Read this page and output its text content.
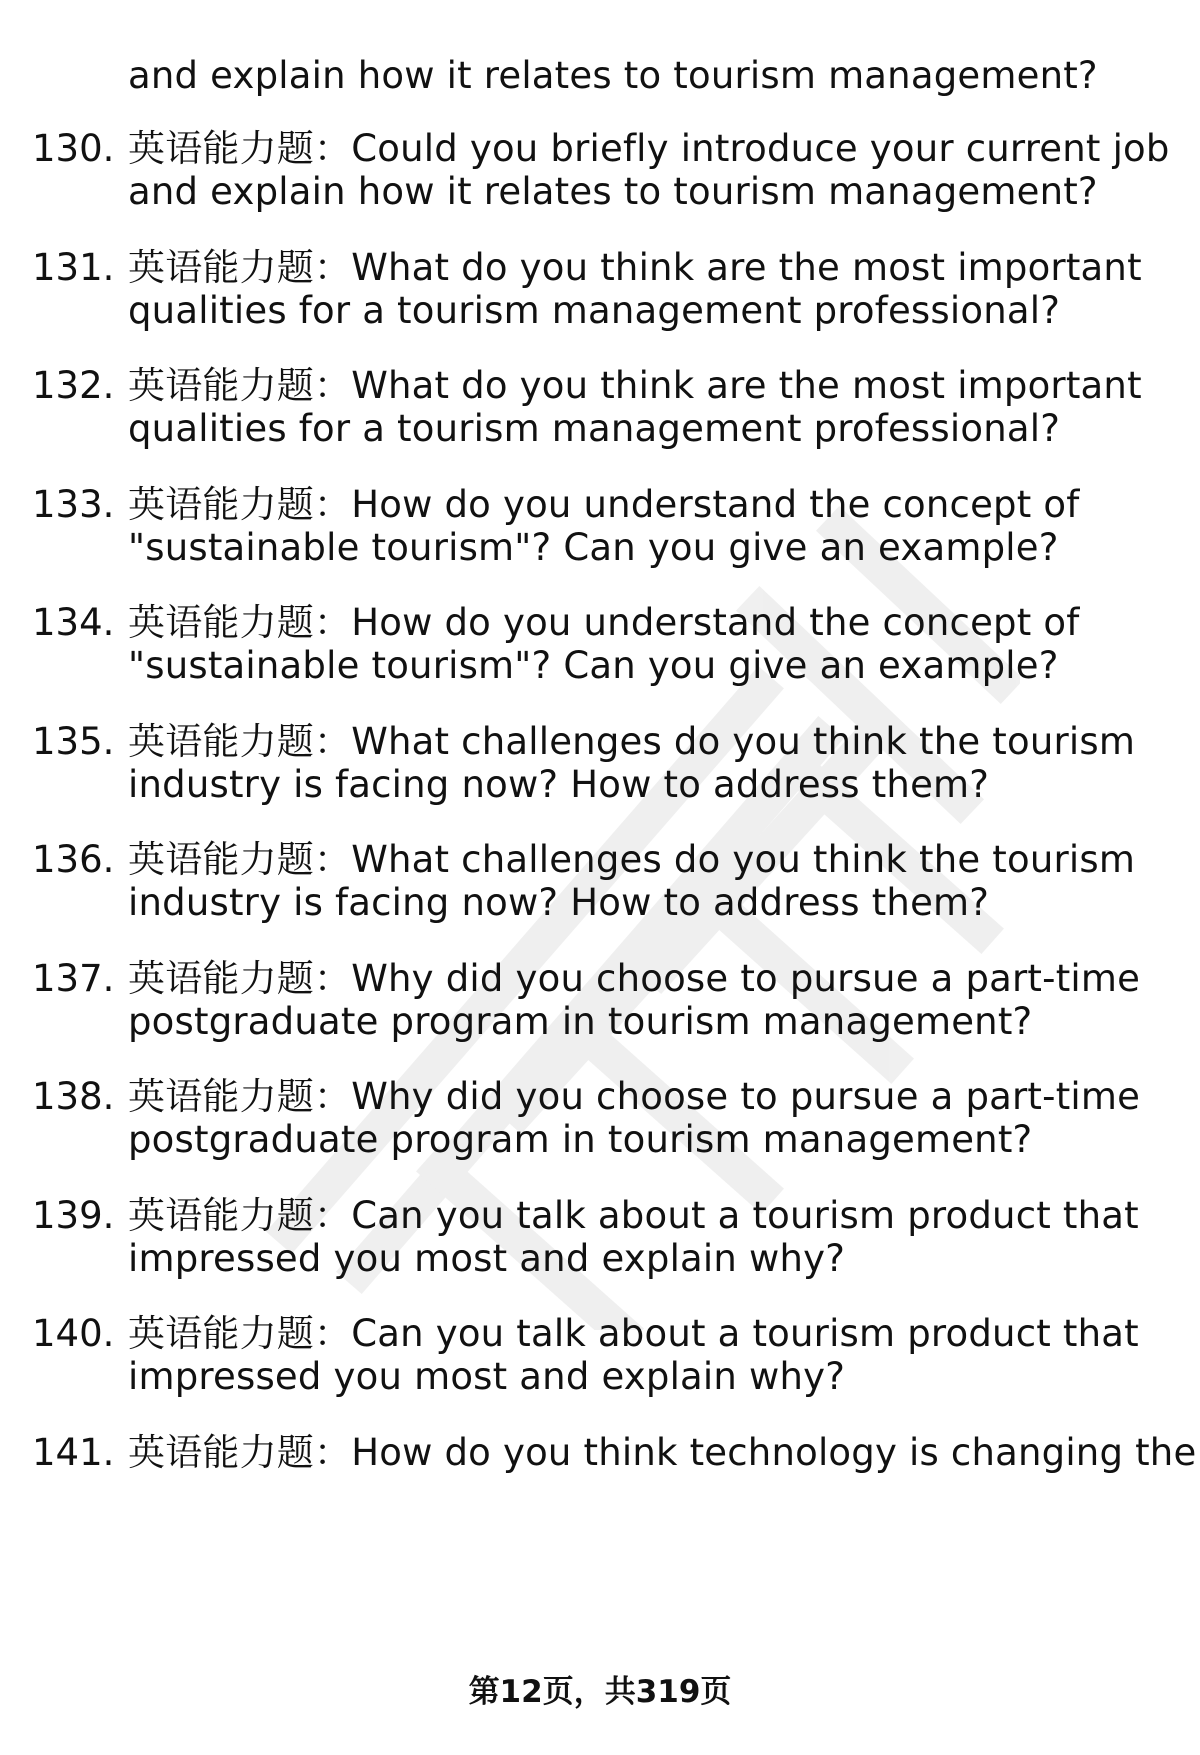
and explain how it relates to tourism management?
130. 英语能力题：Could you briefly introduce your current job
and explain how it relates to tourism management?
131. 英语能力题：What do you think are the most important
qualities for a tourism management professional?
132. 英语能力题：What do you think are the most important
qualities for a tourism management professional?
133. 英语能力题：How do you understand the concept of
"sustainable tourism"? Can you give an example?
134. 英语能力题：How do you understand the concept of
"sustainable tourism"? Can you give an example?
135. 英语能力题：What challenges do you think the tourism
industry is facing now? How to address them?
136. 英语能力题：What challenges do you think the tourism
industry is facing now? How to address them?
137. 英语能力题：Why did you choose to pursue a part-time
postgraduate program in tourism management?
138. 英语能力题：Why did you choose to pursue a part-time
postgraduate program in tourism management?
139. 英语能力题：Can you talk about a tourism product that
impressed you most and explain why?
140. 英语能力题：Can you talk about a tourism product that
impressed you most and explain why?
141. 英语能力题：How do you think technology is changing the
第12页，共319页
